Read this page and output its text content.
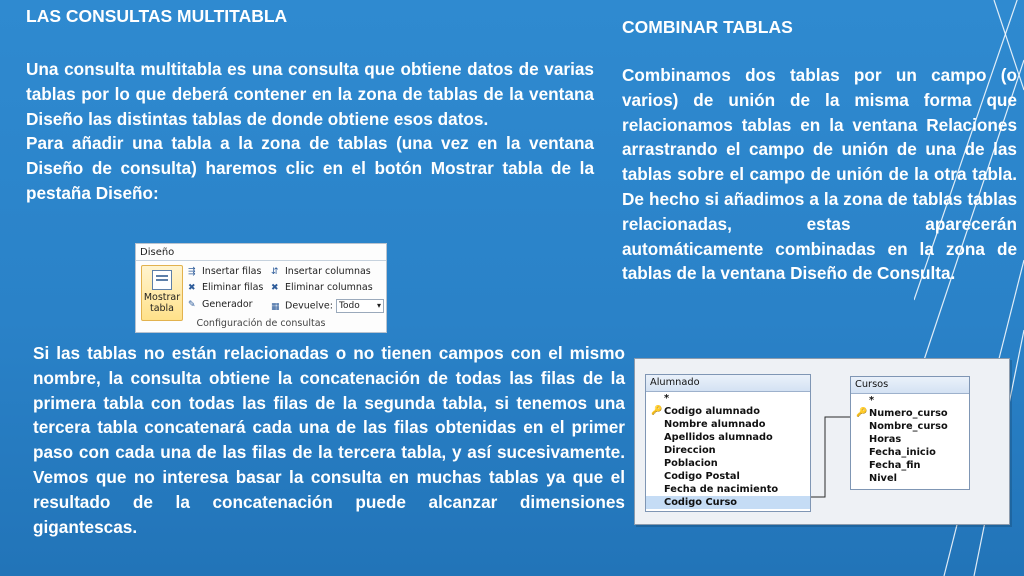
LAS CONSULTAS MULTITABLA

Una consulta multitabla es una consulta que obtiene datos de varias tablas por lo que deberá contener en la zona de tablas de la ventana Diseño las distintas tablas de donde obtiene esos datos.

Para añadir una tabla a la zona de tablas (una vez en la ventana Diseño de consulta) haremos clic en el botón Mostrar tabla de la pestaña Diseño:

COMBINAR TABLAS
Combinamos dos tablas por un campo (o varios) de unión de la misma forma que relacionamos tablas en la ventana Relaciones arrastrando el campo de unión de una de las tablas sobre el campo de unión de la otra tabla. De hecho si añadimos a la zona de tablas tablas relacionadas, estas aparecerán automáticamente combinadas en la zona de tablas de la ventana Diseño de Consulta.
Si las tablas no están relacionadas o no tienen campos con el mismo nombre, la consulta obtiene la concatenación de todas las filas de la primera tabla con todas las filas de la segunda tabla, si tenemos una tercera tabla concatenará cada una de las filas obtenidas en el primer paso con cada una de las filas de la tercera tabla, y así sucesivamente. Vemos que no interesa basar la consulta en muchas tablas ya que el resultado de la concatenación puede alcanzar dimensiones gigantescas.
Diseño
Mostrar
tabla
⇶ Insertar filas
✖ Eliminar filas
✎ Generador
⇵ Insertar columnas
✖ Eliminar columnas
▦ Devuelve: Todo ▾
Configuración de consultas
Alumnado
*
🔑 Codigo alumnado
Nombre alumnado
Apellidos alumnado
Direccion
Poblacion
Codigo Postal
Fecha de nacimiento
Codigo Curso
Cursos
*
🔑 Numero_curso
Nombre_curso
Horas
Fecha_inicio
Fecha_fin
Nivel
